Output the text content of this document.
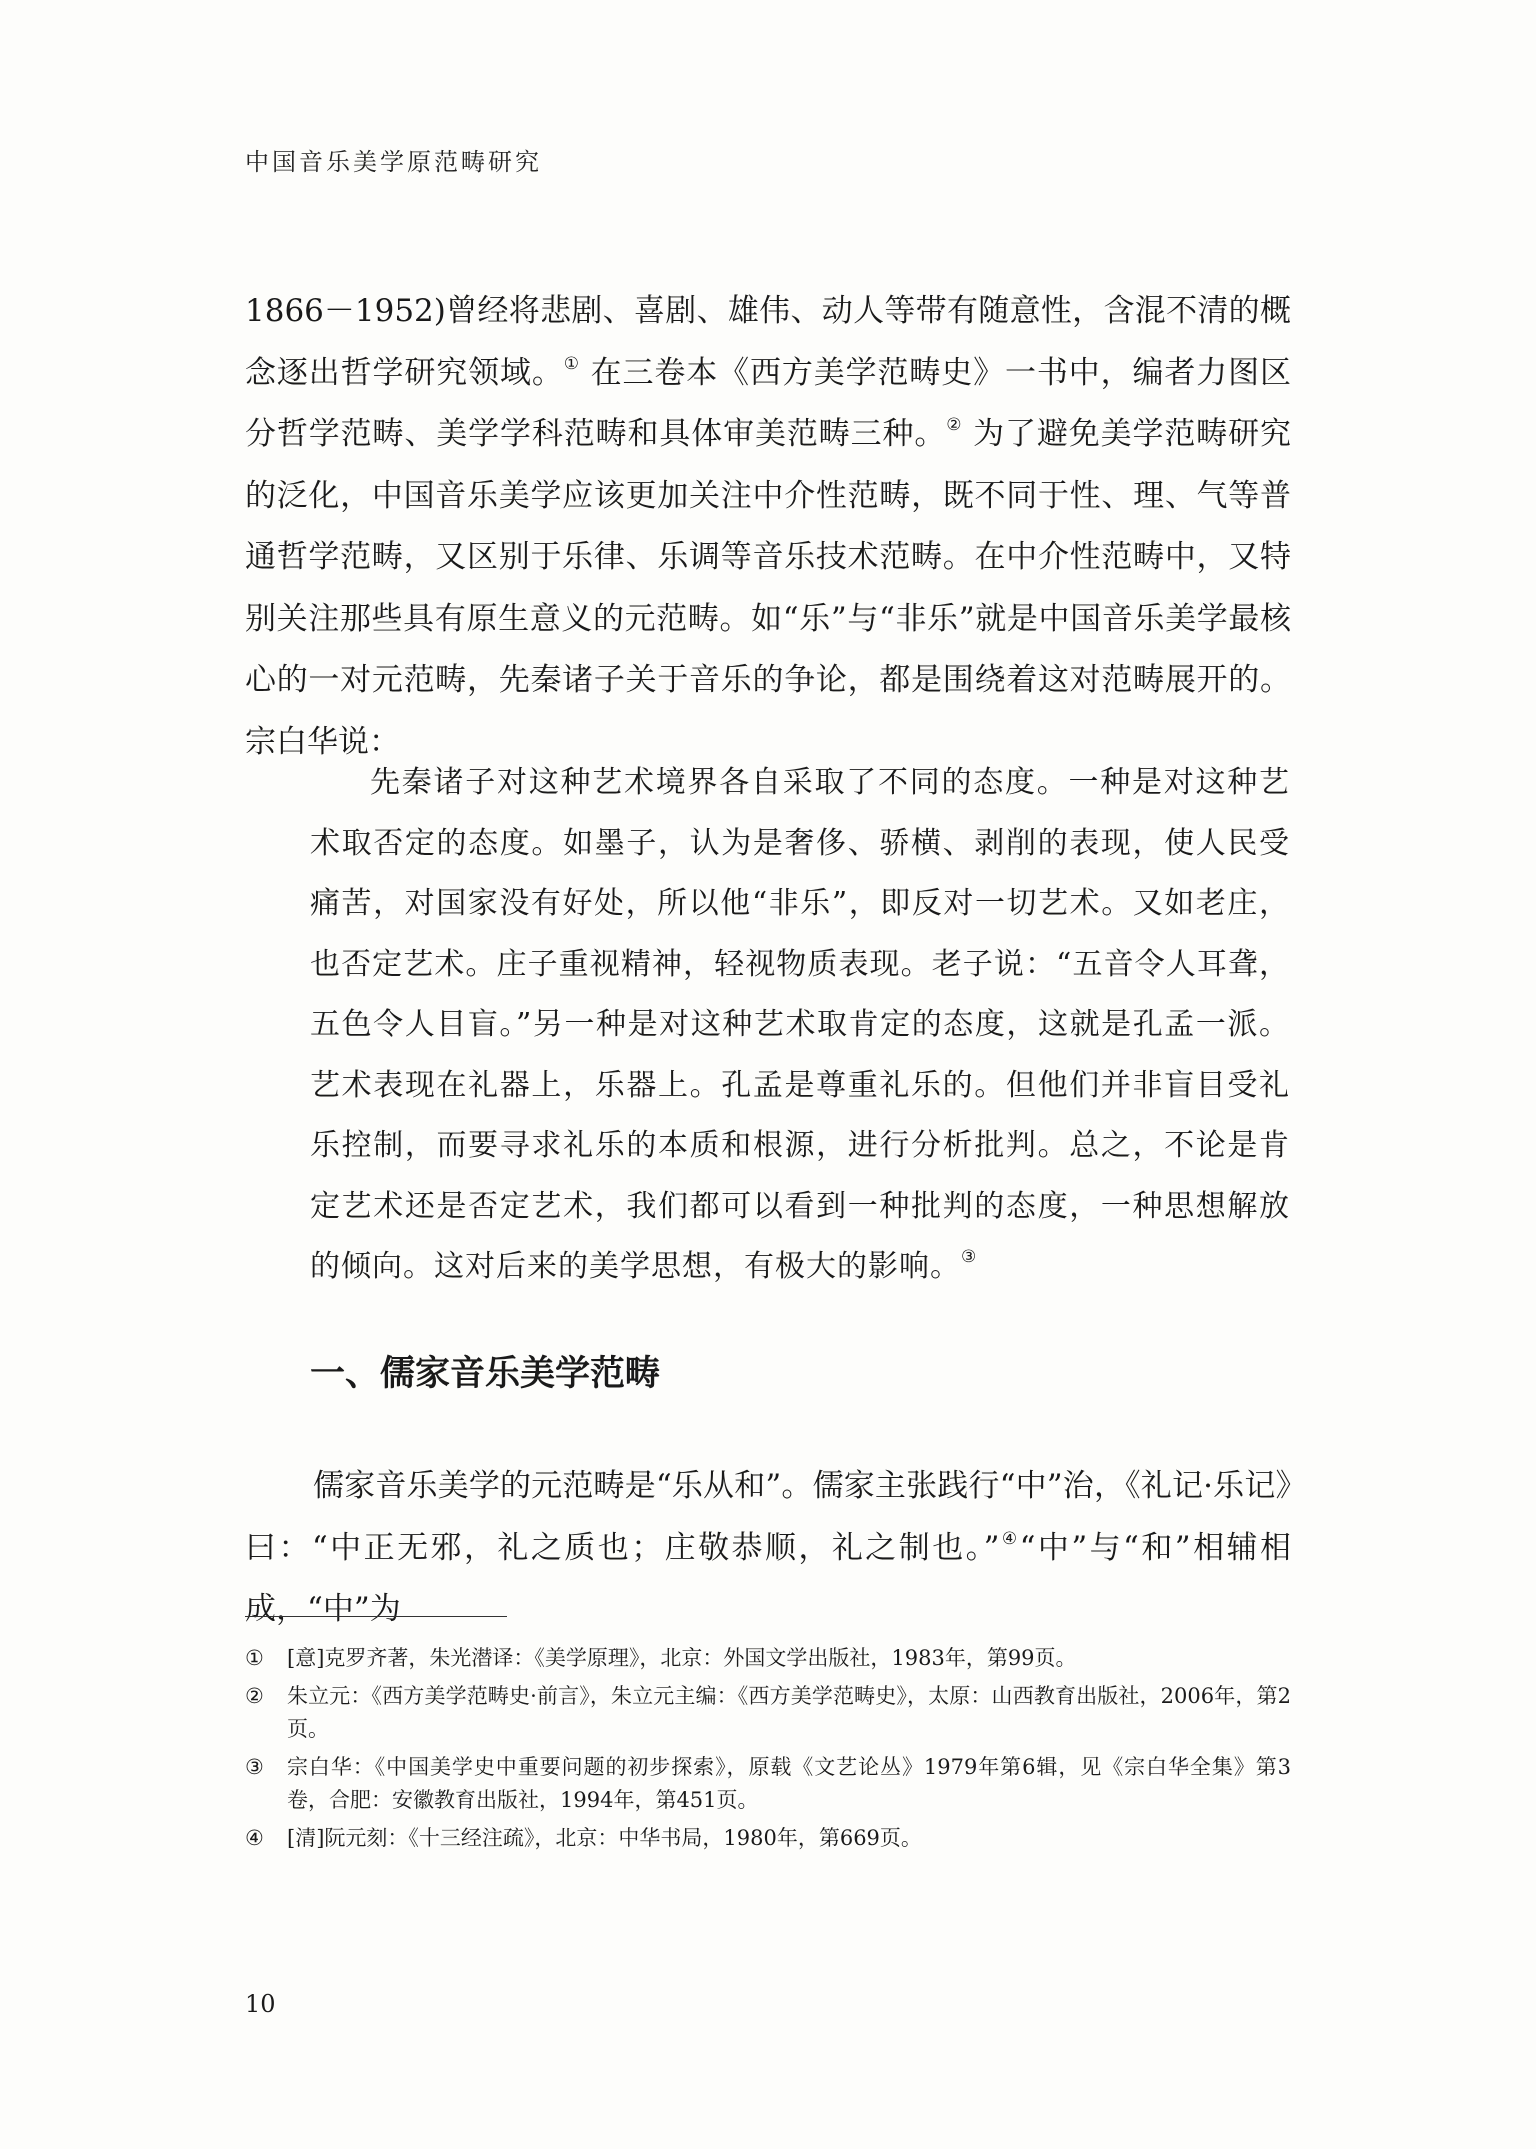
中国音乐美学原范畴研究

1866－1952)曾经将悲剧、喜剧、雄伟、动人等带有随意性，含混不清的概念逐出哲学研究领域。① 在三卷本《西方美学范畴史》一书中，编者力图区分哲学范畴、美学学科范畴和具体审美范畴三种。② 为了避免美学范畴研究的泛化，中国音乐美学应该更加关注中介性范畴，既不同于性、理、气等普通哲学范畴，又区别于乐律、乐调等音乐技术范畴。在中介性范畴中，又特别关注那些具有原生意义的元范畴。如“乐”与“非乐”就是中国音乐美学最核心的一对元范畴，先秦诸子关于音乐的争论，都是围绕着这对范畴展开的。宗白华说：

先秦诸子对这种艺术境界各自采取了不同的态度。一种是对这种艺术取否定的态度。如墨子，认为是奢侈、骄横、剥削的表现，使人民受痛苦，对国家没有好处，所以他“非乐”，即反对一切艺术。又如老庄，也否定艺术。庄子重视精神，轻视物质表现。老子说：“五音令人耳聋，五色令人目盲。”另一种是对这种艺术取肯定的态度，这就是孔孟一派。艺术表现在礼器上，乐器上。孔孟是尊重礼乐的。但他们并非盲目受礼乐控制，而要寻求礼乐的本质和根源，进行分析批判。总之，不论是肯定艺术还是否定艺术，我们都可以看到一种批判的态度，一种思想解放的倾向。这对后来的美学思想，有极大的影响。③

一、儒家音乐美学范畴

儒家音乐美学的元范畴是“乐从和”。儒家主张践行“中”治，《礼记·乐记》曰：“中正无邪，礼之质也；庄敬恭顺，礼之制也。”④“中”与“和”相辅相成，“中”为

① [意]克罗齐著，朱光潜译：《美学原理》，北京：外国文学出版社，1983年，第99页。
② 朱立元：《西方美学范畴史·前言》，朱立元主编：《西方美学范畴史》，太原：山西教育出版社，2006年，第2页。
③ 宗白华：《中国美学史中重要问题的初步探索》，原载《文艺论丛》1979年第6辑，见《宗白华全集》第3卷，合肥：安徽教育出版社，1994年，第451页。
④ [清]阮元刻：《十三经注疏》，北京：中华书局，1980年，第669页。
10
